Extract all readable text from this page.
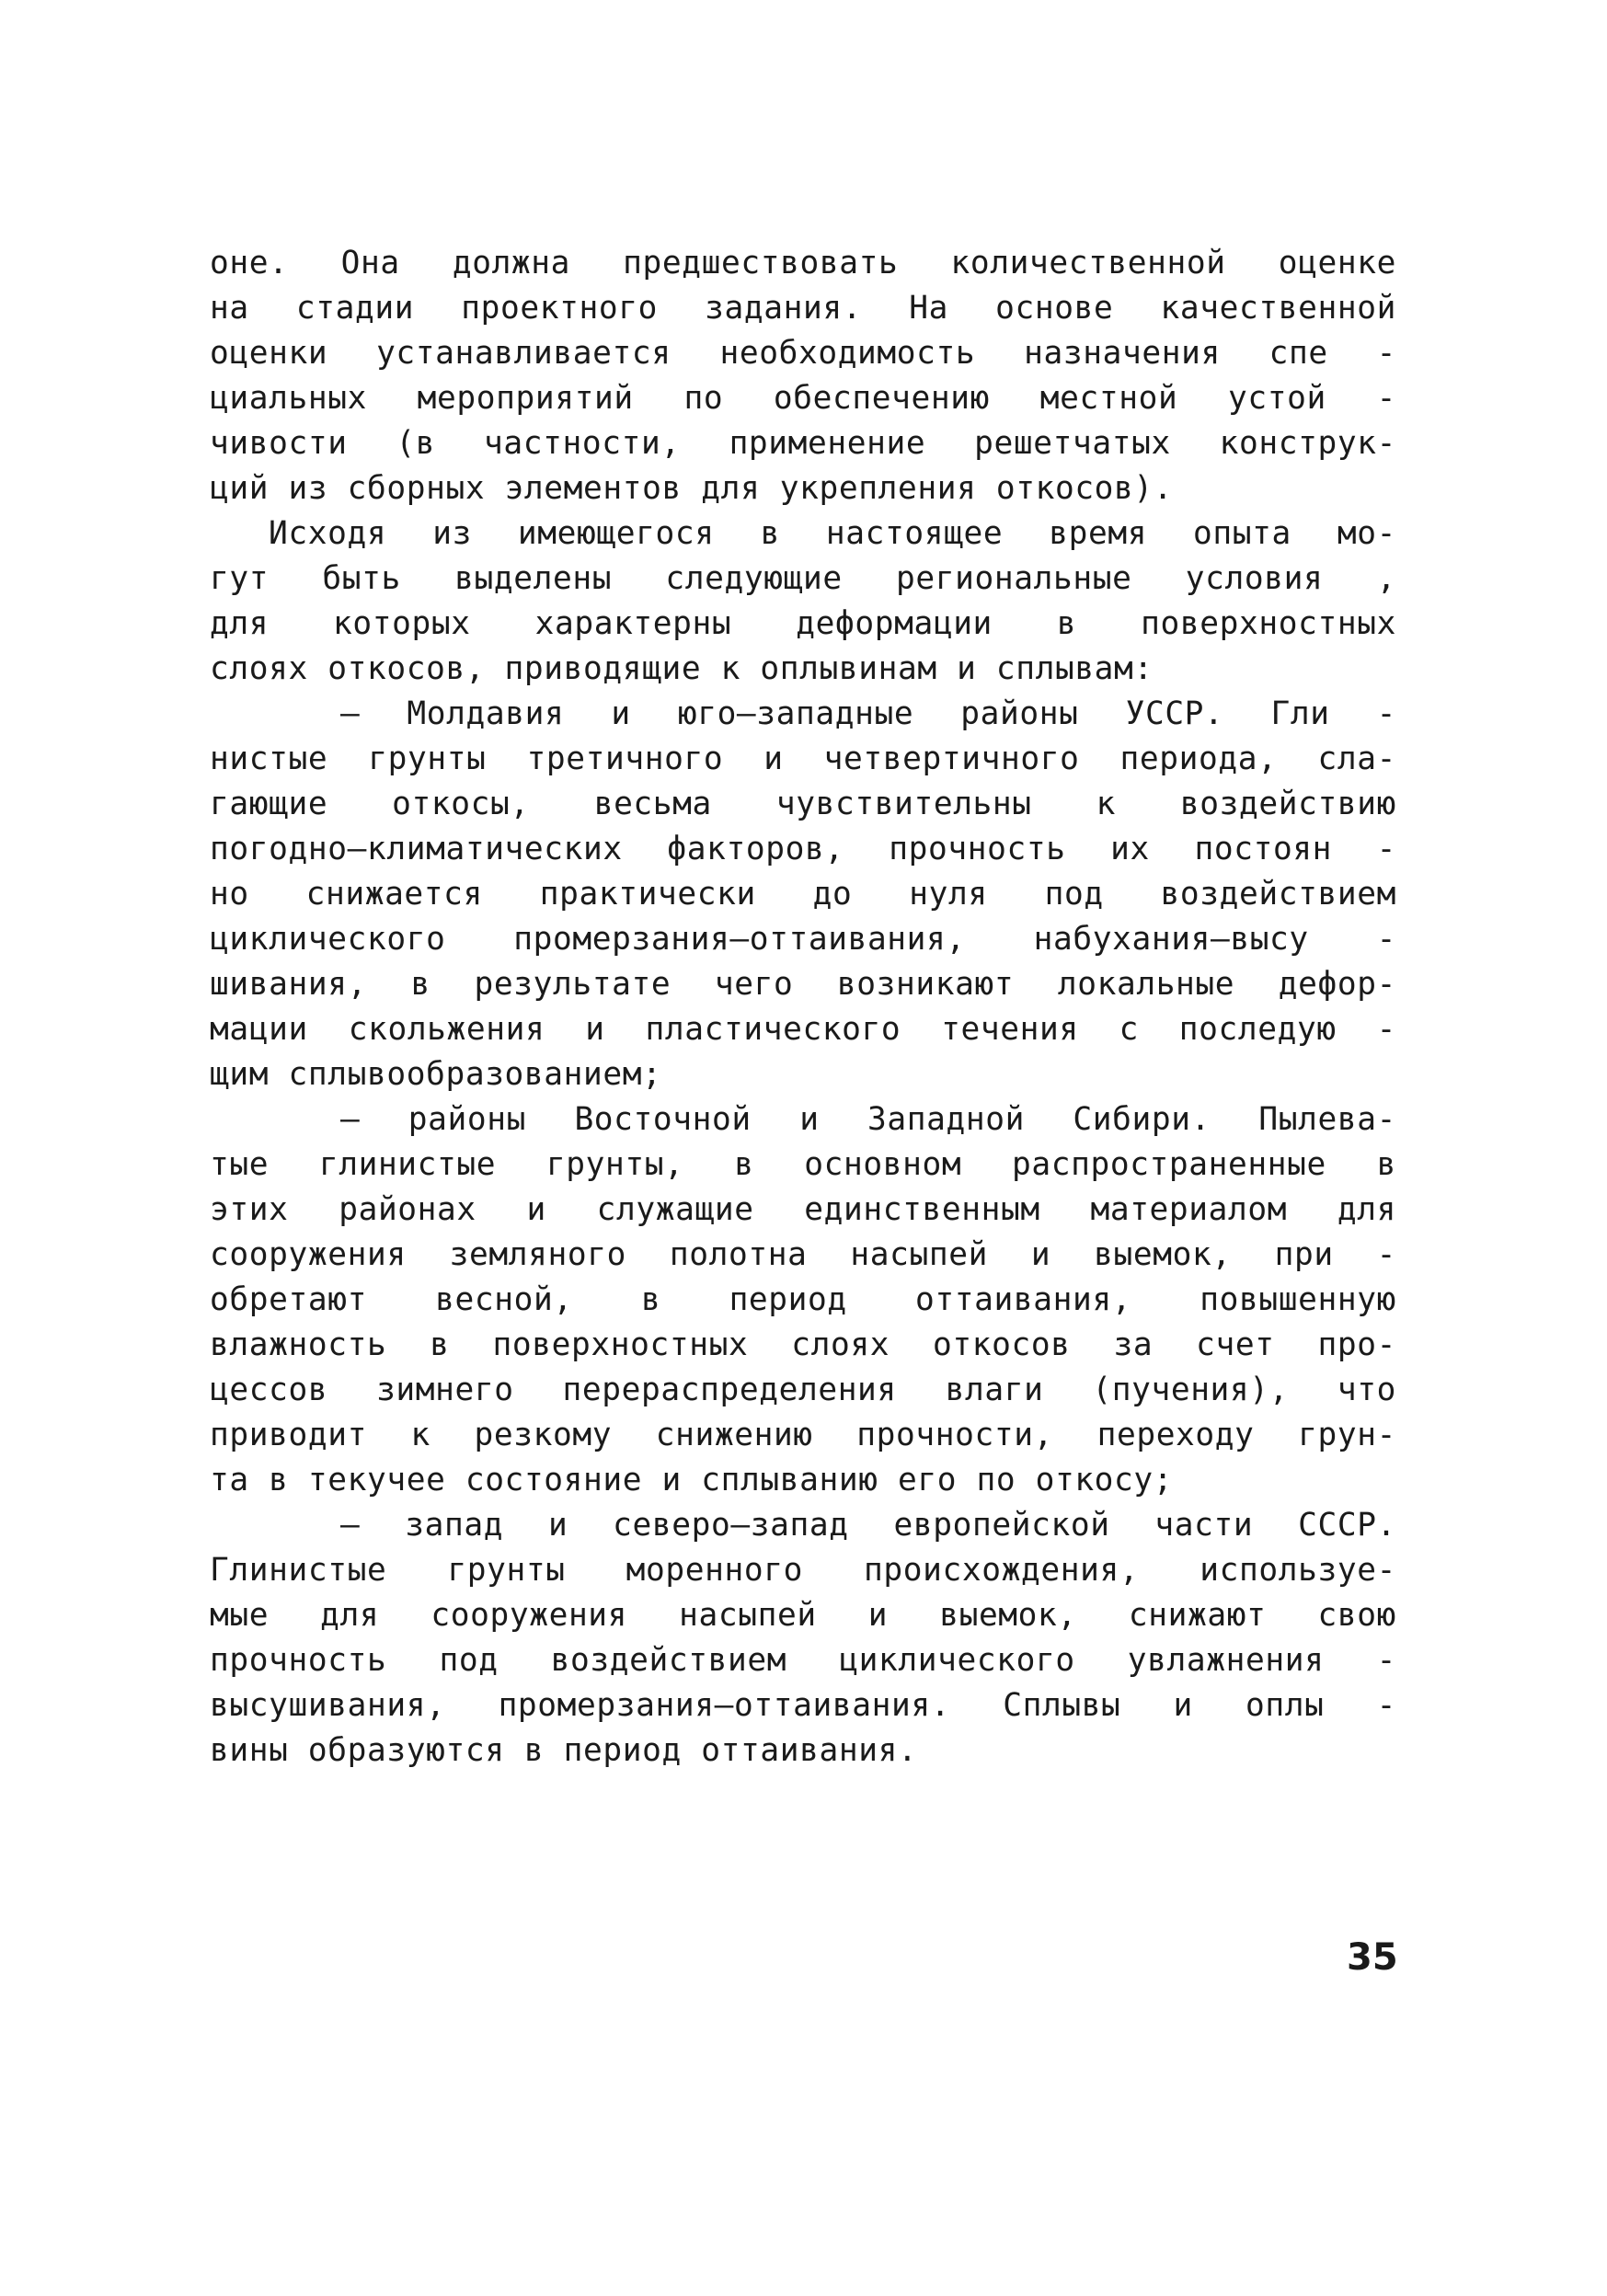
оне. Она должна предшествовать количественной оценке
на стадии проектного задания. На основе качественной
оценки устанавливается необходимость назначения спе -
циальных мероприятий по обеспечению местной устой -
чивости (в частности, применение решетчатых конструк-
ций из сборных элементов для укрепления откосов).
Исходя из имеющегося в настоящее время опыта мо-
гут быть выделены следующие региональные условия ,
для которых характерны деформации в поверхностных
слоях откосов, приводящие к оплывинам и сплывам:
– Молдавия и юго–западные районы УССР. Гли -
нистые грунты третичного и четвертичного периода, сла-
гающие откосы, весьма чувствительны к воздействию
погодно–климатических факторов, прочность их постоян -
но снижается практически до нуля под воздействием
циклического промерзания–оттаивания, набухания–высу -
шивания, в результате чего возникают локальные дефор-
мации скольжения и пластического течения с последую -
щим сплывообразованием;
– районы Восточной и Западной Сибири. Пылева-
тые глинистые грунты, в основном распространенные в
этих районах и служащие единственным материалом для
сооружения земляного полотна насыпей и выемок, при -
обретают весной, в период оттаивания, повышенную
влажность в поверхностных слоях откосов за счет про-
цессов зимнего перераспределения влаги (пучения), что
приводит к резкому снижению прочности, переходу грун-
та в текучее состояние и сплыванию его по откосу;
– запад и северо–запад европейской части СССР.
Глинистые грунты моренного происхождения, используе-
мые для сооружения насыпей и выемок, снижают свою
прочность под воздействием циклического увлажнения -
высушивания, промерзания–оттаивания. Сплывы и оплы -
вины образуются в период оттаивания.
35
